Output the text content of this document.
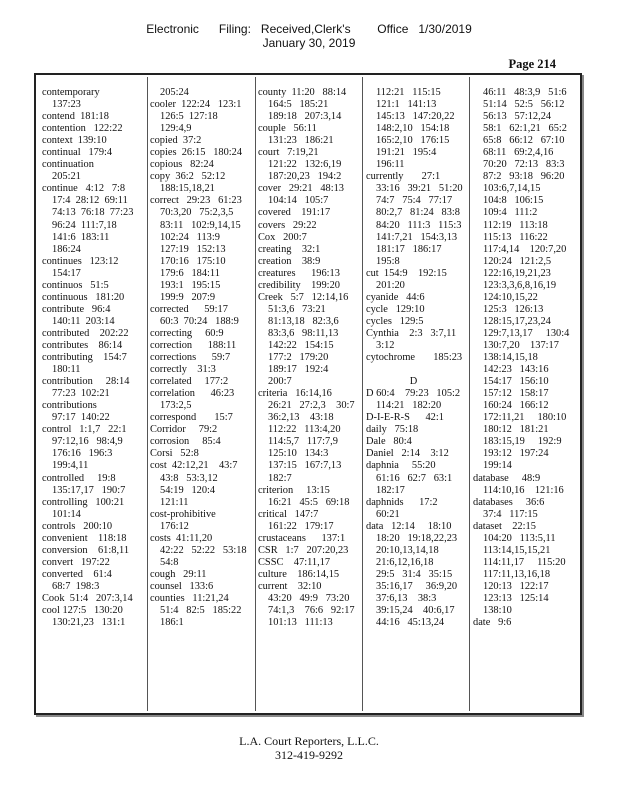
Electronic      Filing:   Received,Clerk's        Office   1/30/2019
January 30, 2019
Page 214
contemporary
137:23
contend  181:18
contention   122:22
context  139:10
continual   179:4
continuation
205:21
continue   4:12   7:8
17:4  28:12  69:11
74:13  76:18  77:23
96:24  111:7,18
141:6  183:11
186:24
continues   123:12
154:17
continuos   51:5
continuous   181:20
contribute   96:4
140:11  203:14
contributed    202:22
contributes    86:14
contributing    154:7
180:11
contribution     28:14
77:23  102:21
contributions
97:17  140:22
control   1:1,7   22:1
97:12,16   98:4,9
176:16   196:3
199:4,11
controlled     19:8
135:17,17   190:7
controlling   100:21
101:14
controls   200:10
convenient    118:18
conversion    61:8,11
convert   197:22
converted    61:4
68:7  198:3
Cook  51:4   207:3,14
cool 127:5   130:20
130:21,23   131:1
205:24
cooler  122:24   123:1
126:5  127:18
129:4,9
copied  37:2
copies  26:15   180:24
copious   82:24
copy  36:2   52:12
188:15,18,21
correct   29:23   61:23
70:3,20   75:2,3,5
83:11   102:9,14,15
102:24   113:9
127:19   152:13
170:16   175:10
179:6   184:11
193:1   195:15
199:9   207:9
corrected      59:17
60:3  70:24   188:9
correcting     60:9
correction      188:11
corrections      59:7
correctly    31:3
correlated     177:2
correlation      46:23
173:2,5
correspond       15:7
Corridor     79:2
corrosion     85:4
Corsi   52:8
cost  42:12,21    43:7
43:8   53:3,12
54:19   120:4
121:11
cost-prohibitive
176:12
costs  41:11,20
42:22   52:22   53:18
54:8
cough   29:11
counsel   133:6
counties   11:21,24
51:4   82:5   185:22
186:1
county  11:20   88:14
164:5   185:21
189:18   207:3,14
couple   56:11
131:23   186:21
court   7:19,21
121:22   132:6,19
187:20,23   194:2
cover   29:21   48:13
104:14   105:7
covered    191:17
covers   29:22
Cox   200:7
creating    32:1
creation    38:9
creatures      196:13
credibility    199:20
Creek   5:7   12:14,16
51:3,6   73:21
81:13,18   82:3,6
83:3,6   98:11,13
142:22   154:15
177:2   179:20
189:17   192:4
200:7
criteria   16:14,16
26:21   27:2,3    30:7
36:2,13    43:18
112:22   113:4,20
114:5,7   117:7,9
125:10   134:3
137:15   167:7,13
182:7
criterion     13:15
16:21   45:5   69:18
critical   147:7
161:22   179:17
crustaceans      137:1
CSR   1:7   207:20,23
CSSC    47:11,17
culture    186:14,15
current    32:10
43:20   49:9   73:20
74:1,3    76:6   92:17
101:13   111:13
112:21   115:15
121:1   141:13
145:13   147:20,22
148:2,10   154:18
165:2,10   176:15
191:21   195:4
196:11
currently       27:1
33:16   39:21   51:20
74:7   75:4   77:17
80:2,7   81:24   83:8
84:20   111:3   115:3
141:7,21   154:3,13
181:17   186:17
195:8
cut  154:9    192:15
201:20
cyanide   44:6
cycle   129:10
cycles   129:5
Cynthia    2:3   3:7,11
3:12
cytochrome       185:23
D
D 60:4    79:23   105:2
114:21   182:20
D-I-E-R-S      42:1
daily   75:18
Dale   80:4
Daniel   2:14    3:12
daphnia     55:20
61:16   62:7   63:1
182:17
daphnids      17:2
60:21
data   12:14     18:10
18:20   19:18,22,23
20:10,13,14,18
21:6,12,16,18
29:5   31:4   35:15
35:16,17     36:9,20
37:6,13    38:3
39:15,24    40:6,17
44:16   45:13,24
46:11   48:3,9   51:6
51:14   52:5   56:12
56:13   57:12,24
58:1   62:1,21   65:2
65:8   66:12   67:10
68:11   69:2,4,16
70:20   72:13   83:3
87:2   93:18   96:20
103:6,7,14,15
104:8   106:15
109:4   111:2
112:19   113:18
115:13   116:22
117:4,14    120:7,20
120:24   121:2,5
122:16,19,21,23
123:3,3,6,8,16,19
124:10,15,22
125:3   126:13
128:15,17,23,24
129:7,13,17     130:4
130:7,20    137:17
138:14,15,18
142:23   143:16
154:17   156:10
157:12   158:17
160:24   166:12
172:11,21     180:10
180:12   181:21
183:15,19     192:9
193:12   197:24
199:14
database     48:9
114:10,16    121:16
databases     36:6
37:4   117:15
dataset    22:15
104:20   113:5,11
113:14,15,15,21
114:11,17     115:20
117:11,13,16,18
120:13   122:17
123:13   125:14
138:10
date   9:6
L.A. Court Reporters, L.L.C.
312-419-9292
